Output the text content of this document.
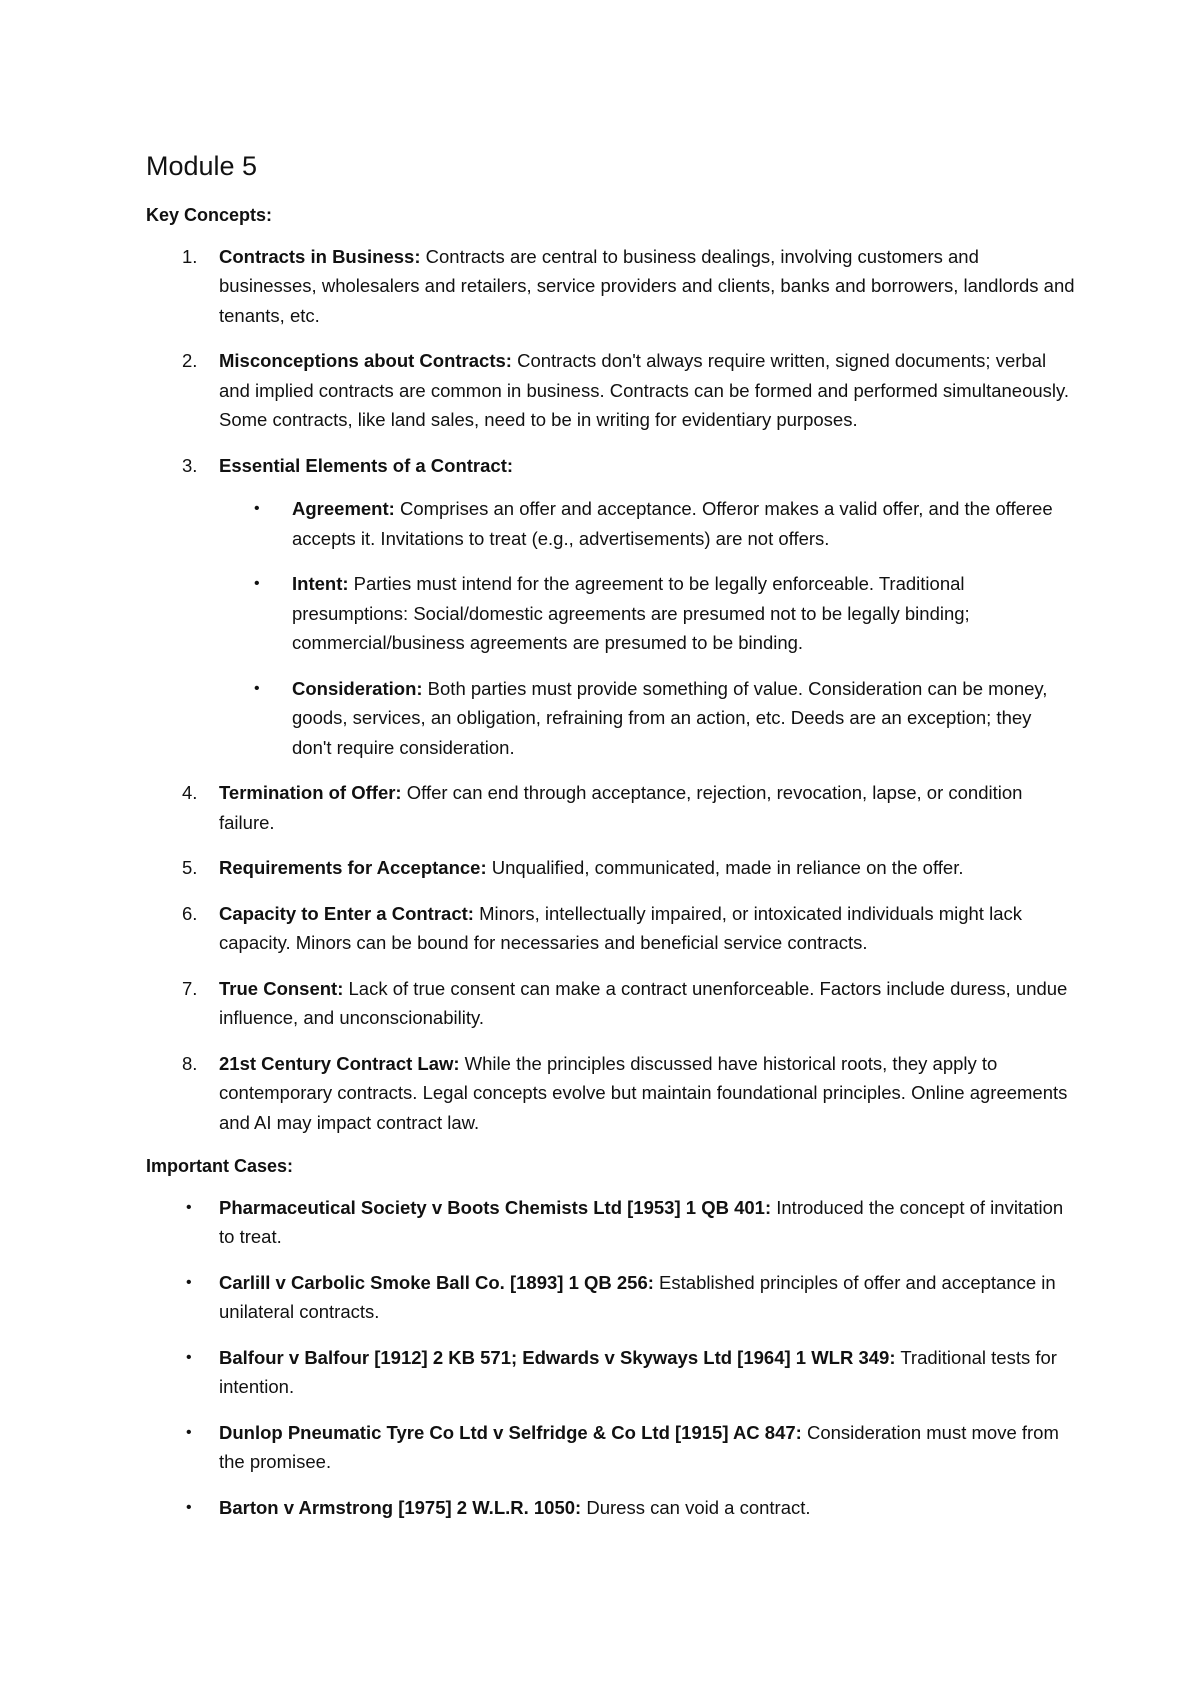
Module 5
Key Concepts:
1. Contracts in Business: Contracts are central to business dealings, involving customers and businesses, wholesalers and retailers, service providers and clients, banks and borrowers, landlords and tenants, etc.
2. Misconceptions about Contracts: Contracts don't always require written, signed documents; verbal and implied contracts are common in business. Contracts can be formed and performed simultaneously. Some contracts, like land sales, need to be in writing for evidentiary purposes.
3. Essential Elements of a Contract:
• Agreement: Comprises an offer and acceptance. Offeror makes a valid offer, and the offeree accepts it. Invitations to treat (e.g., advertisements) are not offers.
• Intent: Parties must intend for the agreement to be legally enforceable. Traditional presumptions: Social/domestic agreements are presumed not to be legally binding; commercial/business agreements are presumed to be binding.
• Consideration: Both parties must provide something of value. Consideration can be money, goods, services, an obligation, refraining from an action, etc. Deeds are an exception; they don't require consideration.
4. Termination of Offer: Offer can end through acceptance, rejection, revocation, lapse, or condition failure.
5. Requirements for Acceptance: Unqualified, communicated, made in reliance on the offer.
6. Capacity to Enter a Contract: Minors, intellectually impaired, or intoxicated individuals might lack capacity. Minors can be bound for necessaries and beneficial service contracts.
7. True Consent: Lack of true consent can make a contract unenforceable. Factors include duress, undue influence, and unconscionability.
8. 21st Century Contract Law: While the principles discussed have historical roots, they apply to contemporary contracts. Legal concepts evolve but maintain foundational principles. Online agreements and AI may impact contract law.
Important Cases:
• Pharmaceutical Society v Boots Chemists Ltd [1953] 1 QB 401: Introduced the concept of invitation to treat.
• Carlill v Carbolic Smoke Ball Co. [1893] 1 QB 256: Established principles of offer and acceptance in unilateral contracts.
• Balfour v Balfour [1912] 2 KB 571; Edwards v Skyways Ltd [1964] 1 WLR 349: Traditional tests for intention.
• Dunlop Pneumatic Tyre Co Ltd v Selfridge & Co Ltd [1915] AC 847: Consideration must move from the promisee.
• Barton v Armstrong [1975] 2 W.L.R. 1050: Duress can void a contract.
